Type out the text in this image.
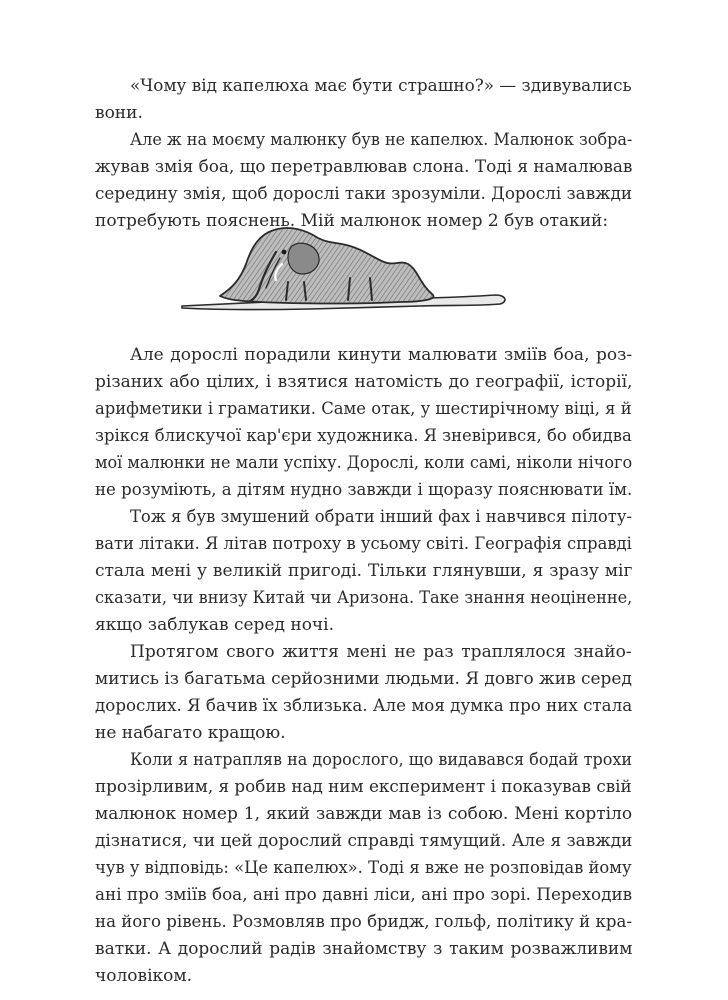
«Чому від капелюха має бути страшно?» — здивувались
вони.
Але ж на моєму малюнку був не капелюх. Малюнок зобра-
жував змія боа, що перетравлював слона. Тоді я намалював
середину змія, щоб дорослі таки зрозуміли. Дорослі завжди
потребують пояснень. Мій малюнок номер 2 був отакий:
Але дорослі порадили кинути малювати змiїв боа, роз-
різаних або цілих, і взятися натомість до географії, історії,
арифметики і граматики. Саме отак, у шестирічному віці, я й
зрікся блискучої кар'єри художника. Я зневірився, бо обидва
мої малюнки не мали успіху. Дорослі, коли самі, ніколи нічого
не розуміють, а дітям нудно завжди і щоразу пояснювати їм.
Тож я був змушений обрати інший фах і навчився пілоту-
вати літаки. Я літав потроху в усьому світі. Географія справді
стала мені у великій пригоді. Тільки глянувши, я зразу міг
сказати, чи внизу Китай чи Аризона. Таке знання неоціненне,
якщо заблукав серед ночі.
Протягом свого життя мені не раз траплялося знайо-
митись із багатьма серйозними людьми. Я довго жив серед
дорослих. Я бачив їх зблизька. Але моя думка про них стала
не набагато кращою.
Коли я натрапляв на дорослого, що видавався бодай трохи
прозірливим, я робив над ним експеримент і показував свій
малюнок номер 1, який завжди мав із собою. Мені кортіло
дізнатися, чи цей дорослий справді тямущий. Але я завжди
чув у відповідь: «Це капелюх». Тоді я вже не розповідав йому
ані про змiїв боа, ані про давні ліси, ані про зорі. Переходив
на його рівень. Розмовляв про бридж, гольф, політику й кра-
ватки. А дорослий радів знайомству з таким розважливим
чоловіком.
